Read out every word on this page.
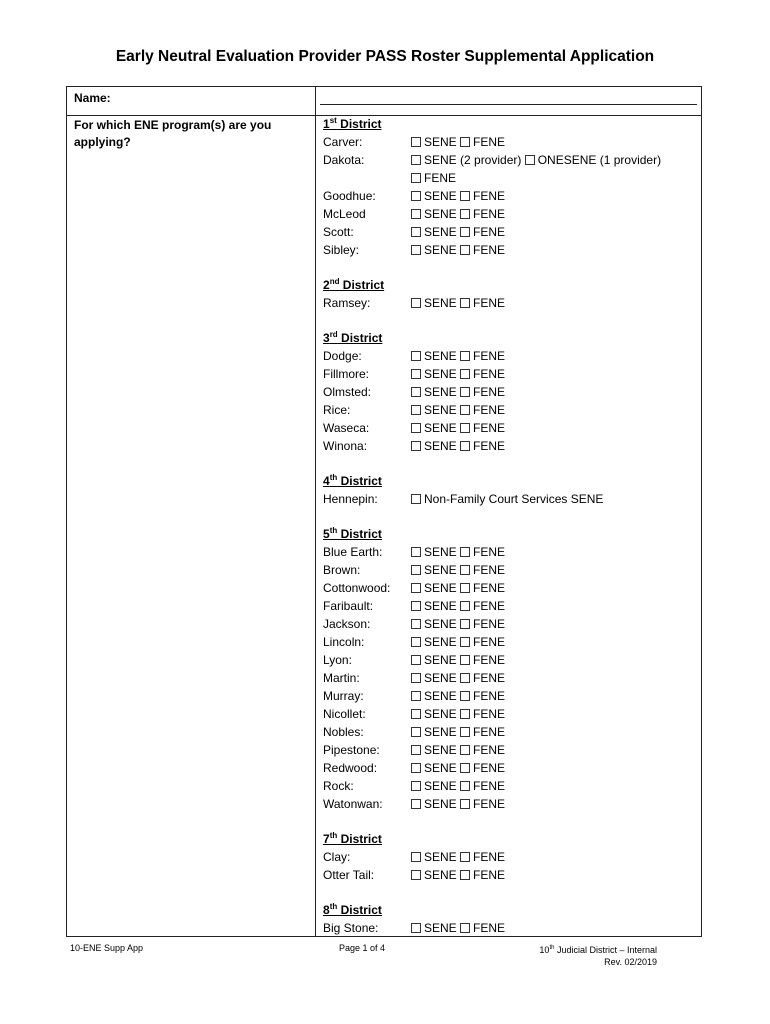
Early Neutral Evaluation Provider PASS Roster Supplemental Application
Name:
For which ENE program(s) are you applying?
1st District
Carver:	SENE FENE
Dakota:	SENE (2 provider) ONESENE (1 provider)
FENE
Goodhue:	SENE FENE
McLeod	SENE FENE
Scott:	SENE FENE
Sibley:	SENE FENE
2nd District
Ramsey:	SENE FENE
3rd District
Dodge:	SENE FENE
Fillmore:	SENE FENE
Olmsted:	SENE FENE
Rice:	SENE FENE
Waseca:	SENE FENE
Winona:	SENE FENE
4th District
Hennepin:	Non-Family Court Services SENE
5th District
Blue Earth:	SENE FENE
Brown:	SENE FENE
Cottonwood:	SENE FENE
Faribault:	SENE FENE
Jackson:	SENE FENE
Lincoln:	SENE FENE
Lyon:	SENE FENE
Martin:	SENE FENE
Murray:	SENE FENE
Nicollet:	SENE FENE
Nobles:	SENE FENE
Pipestone:	SENE FENE
Redwood:	SENE FENE
Rock:	SENE FENE
Watonwan:	SENE FENE
7th District
Clay:	SENE FENE
Otter Tail:	SENE FENE
8th District
Big Stone:	SENE FENE
10-ENE Supp App	Page 1 of 4	10th Judicial District – Internal
Rev. 02/2019
